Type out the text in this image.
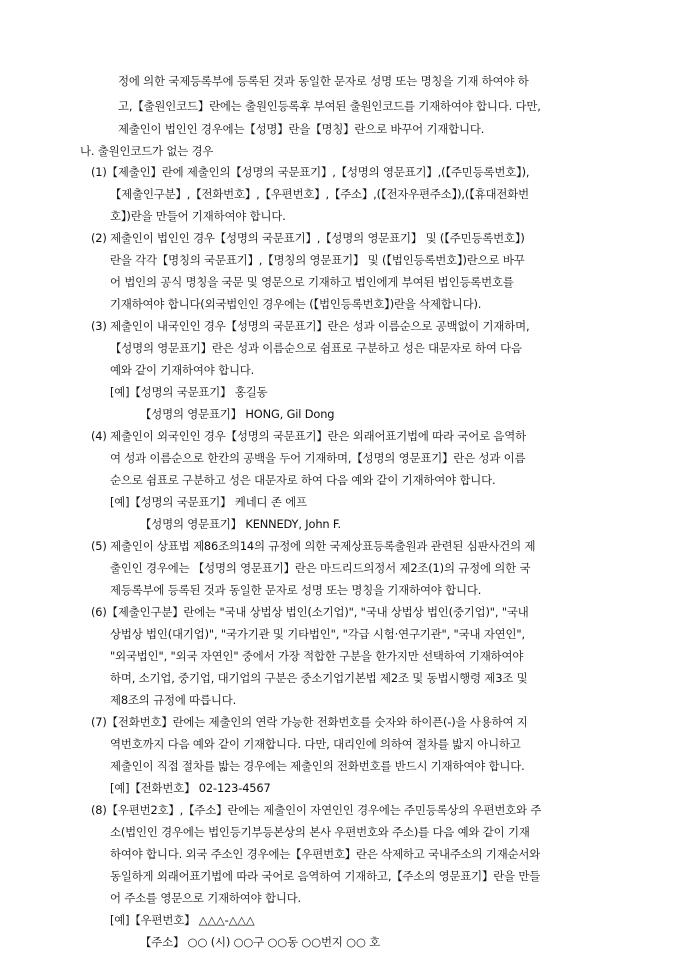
정에 의한 국제등록부에 등록된 것과 동일한 문자로 성명 또는 명칭을 기재 하여야 하
고,【출원인코드】란에는 출원인등록후 부여된 출원인코드를 기재하여야 합니다. 다만,
제출인이 법인인 경우에는【성명】란을【명칭】란으로 바꾸어 기재합니다.
나. 출원인코드가 없는 경우
(1)【제출인】란에 제출인의【성명의 국문표기】,【성명의 영문표기】,(【주민등록번호】),
【제출인구분】,【전화번호】,【우편번호】,【주소】,(【전자우편주소】),(【휴대전화번
호】)란을 만들어 기재하여야 합니다.
(2) 제출인이 법인인 경우【성명의 국문표기】,【성명의 영문표기】 및 (【주민등록번호】)
란을 각각【명칭의 국문표기】,【명칭의 영문표기】 및 (【법인등록번호】)란으로 바꾸
어 법인의 공식 명칭을 국문 및 영문으로 기재하고 법인에게 부여된 법인등록번호를
기재하여야 합니다(외국법인인 경우에는 (【법인등록번호】)란을 삭제합니다).
(3) 제출인이 내국인인 경우【성명의 국문표기】란은 성과 이름순으로 공백없이 기재하며,
【성명의 영문표기】란은 성과 이름순으로 쉼표로 구분하고 성은 대문자로 하여 다음
예와 같이 기재하여야 합니다.
[예]【성명의 국문표기】 홍길동
【성명의 영문표기】 HONG, Gil Dong
(4) 제출인이 외국인인 경우【성명의 국문표기】란은 외래어표기법에 따라 국어로 음역하
여 성과 이름순으로 한칸의 공백을 두어 기재하며,【성명의 영문표기】란은 성과 이름
순으로 쉼표로 구분하고 성은 대문자로 하여 다음 예와 같이 기재하여야 합니다.
[예]【성명의 국문표기】 케네디 존 에프
【성명의 영문표기】 KENNEDY, John F.
(5) 제출인이 상표법 제86조의14의 규정에 의한 국제상표등록출원과 관련된 심판사건의 제
출인인 경우에는 【성명의 영문표기】란은 마드리드의정서 제2조(1)의 규정에 의한 국
제등록부에 등록된 것과 동일한 문자로 성명 또는 명칭을 기재하여야 합니다.
(6)【제출인구분】란에는 "국내 상법상 법인(소기업)", "국내 상법상 법인(중기업)", "국내
상법상 법인(대기업)", "국가기관 및 기타법인", "각급 시험·연구기관", "국내 자연인",
"외국법인", "외국 자연인" 중에서 가장 적합한 구분을 한가지만 선택하여 기재하여야
하며, 소기업, 중기업, 대기업의 구분은 중소기업기본법 제2조 및 동법시행령 제3조 및
제8조의 규정에 따릅니다.
(7)【전화번호】란에는 제출인의 연락 가능한 전화번호를 숫자와 하이픈(-)을 사용하여 지
역번호까지 다음 예와 같이 기재합니다. 다만, 대리인에 의하여 절차를 밟지 아니하고
제출인이 직접 절차를 밟는 경우에는 제출인의 전화번호를 반드시 기재하여야 합니다.
[예]【전화번호】 02-123-4567
(8)【우편번2호】,【주소】란에는 제출인이 자연인인 경우에는 주민등록상의 우편번호와 주
소(법인인 경우에는 법인등기부등본상의 본사 우편번호와 주소)를 다음 예와 같이 기재
하여야 합니다. 외국 주소인 경우에는【우편번호】란은 삭제하고 국내주소의 기재순서와
동일하게 외래어표기법에 따라 국어로 음역하여 기재하고,【주소의 영문표기】란을 만들
어 주소를 영문으로 기재하여야 합니다.
[예]【우편번호】 △△△-△△△
【주소】 ○○ (시) ○○구 ○○동 ○○번지 ○○ 호
